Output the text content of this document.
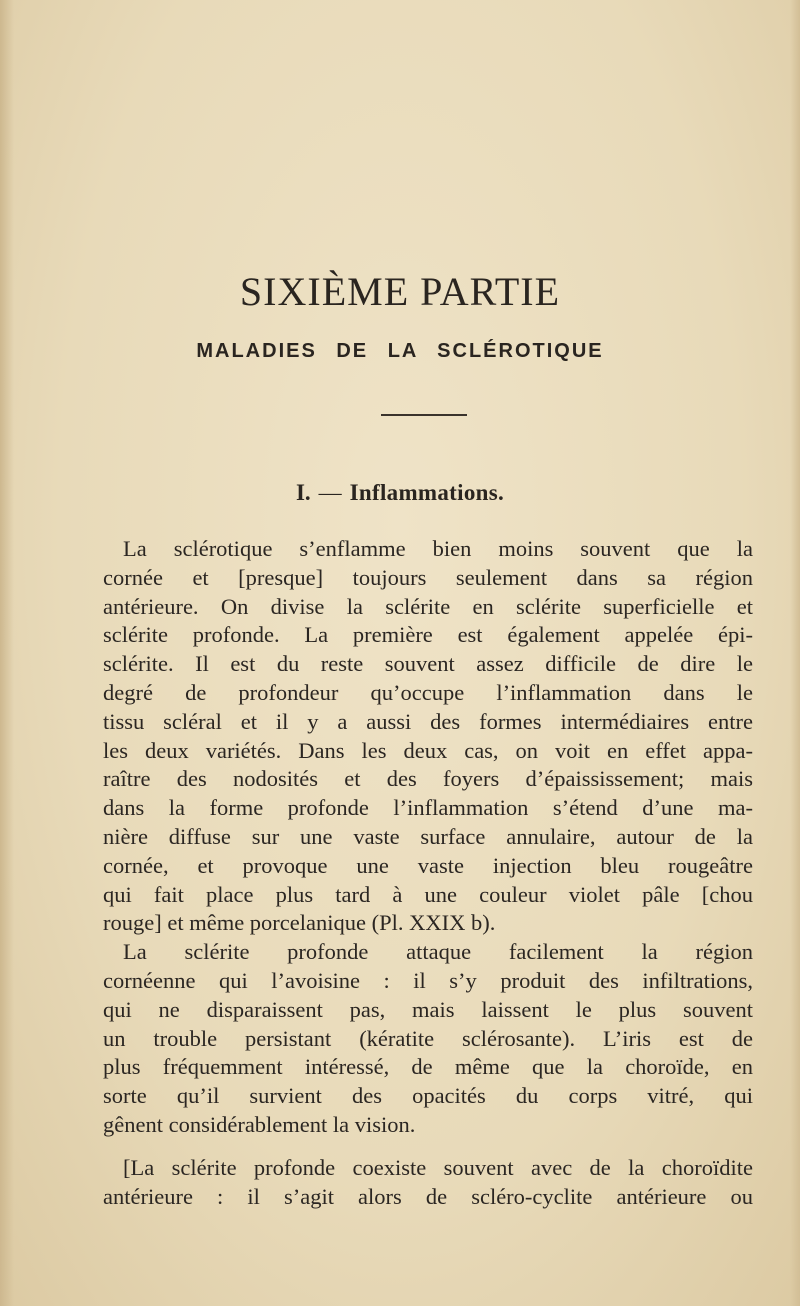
SIXIÈME PARTIE
MALADIES DE LA SCLÉROTIQUE
I. — Inflammations.
La sclérotique s’enflamme bien moins souvent que la
cornée et [presque] toujours seulement dans sa région
antérieure. On divise la sclérite en sclérite superficielle et
sclérite profonde. La première est également appelée épi-
sclérite. Il est du reste souvent assez difficile de dire le
degré de profondeur qu’occupe l’inflammation dans le
tissu scléral et il y a aussi des formes intermédiaires entre
les deux variétés. Dans les deux cas, on voit en effet appa-
raître des nodosités et des foyers d’épaississement; mais
dans la forme profonde l’inflammation s’étend d’une ma-
nière diffuse sur une vaste surface annulaire, autour de la
cornée, et provoque une vaste injection bleu rougeâtre
qui fait place plus tard à une couleur violet pâle [chou
rouge] et même porcelanique (Pl. XXIX b).
La sclérite profonde attaque facilement la région
cornéenne qui l’avoisine : il s’y produit des infiltrations,
qui ne disparaissent pas, mais laissent le plus souvent
un trouble persistant (kératite sclérosante). L’iris est de
plus fréquemment intéressé, de même que la choroïde, en
sorte qu’il survient des opacités du corps vitré, qui
gênent considérablement la vision.
[La sclérite profonde coexiste souvent avec de la choroïdite
antérieure : il s’agit alors de scléro-cyclite antérieure ou
